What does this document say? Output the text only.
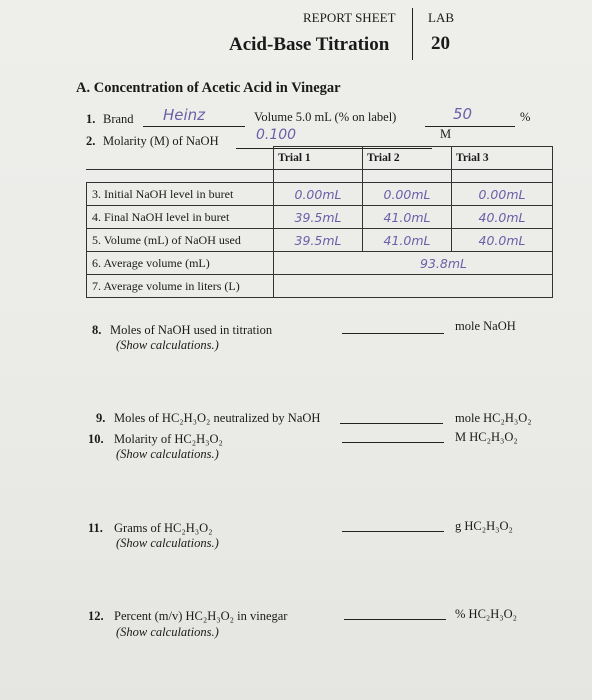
REPORT SHEET
Acid-Base Titration
LAB
20
A. Concentration of Acetic Acid in Vinegar
1. Brand Heinz	Volume 5.0 mL (% on label)	50	%
2. Molarity (M) of NaOH	0.100	M
	Trial 1	Trial 2	Trial 3

3. Initial NaOH level in buret	0.00mL	0.00mL	0.00mL

4. Final NaOH level in buret	39.5mL	41.0mL	40.0mL

5. Volume (mL) of NaOH used	39.5mL	41.0mL	40.0mL

6. Average volume (mL)	93.8mL		

7. Average volume in liters (L)			
8. Moles of NaOH used in titration
(Show calculations.)
mole NaOH
9. Moles of HC₂H₃O₂ neutralized by NaOH	mole HC₂H₃O₂
10. Molarity of HC₂H₃O₂
(Show calculations.)
M HC₂H₃O₂
11. Grams of HC₂H₃O₂
(Show calculations.)
g HC₂H₃O₂
12. Percent (m/v) HC₂H₃O₂ in vinegar
(Show calculations.)
% HC₂H₃O₂
